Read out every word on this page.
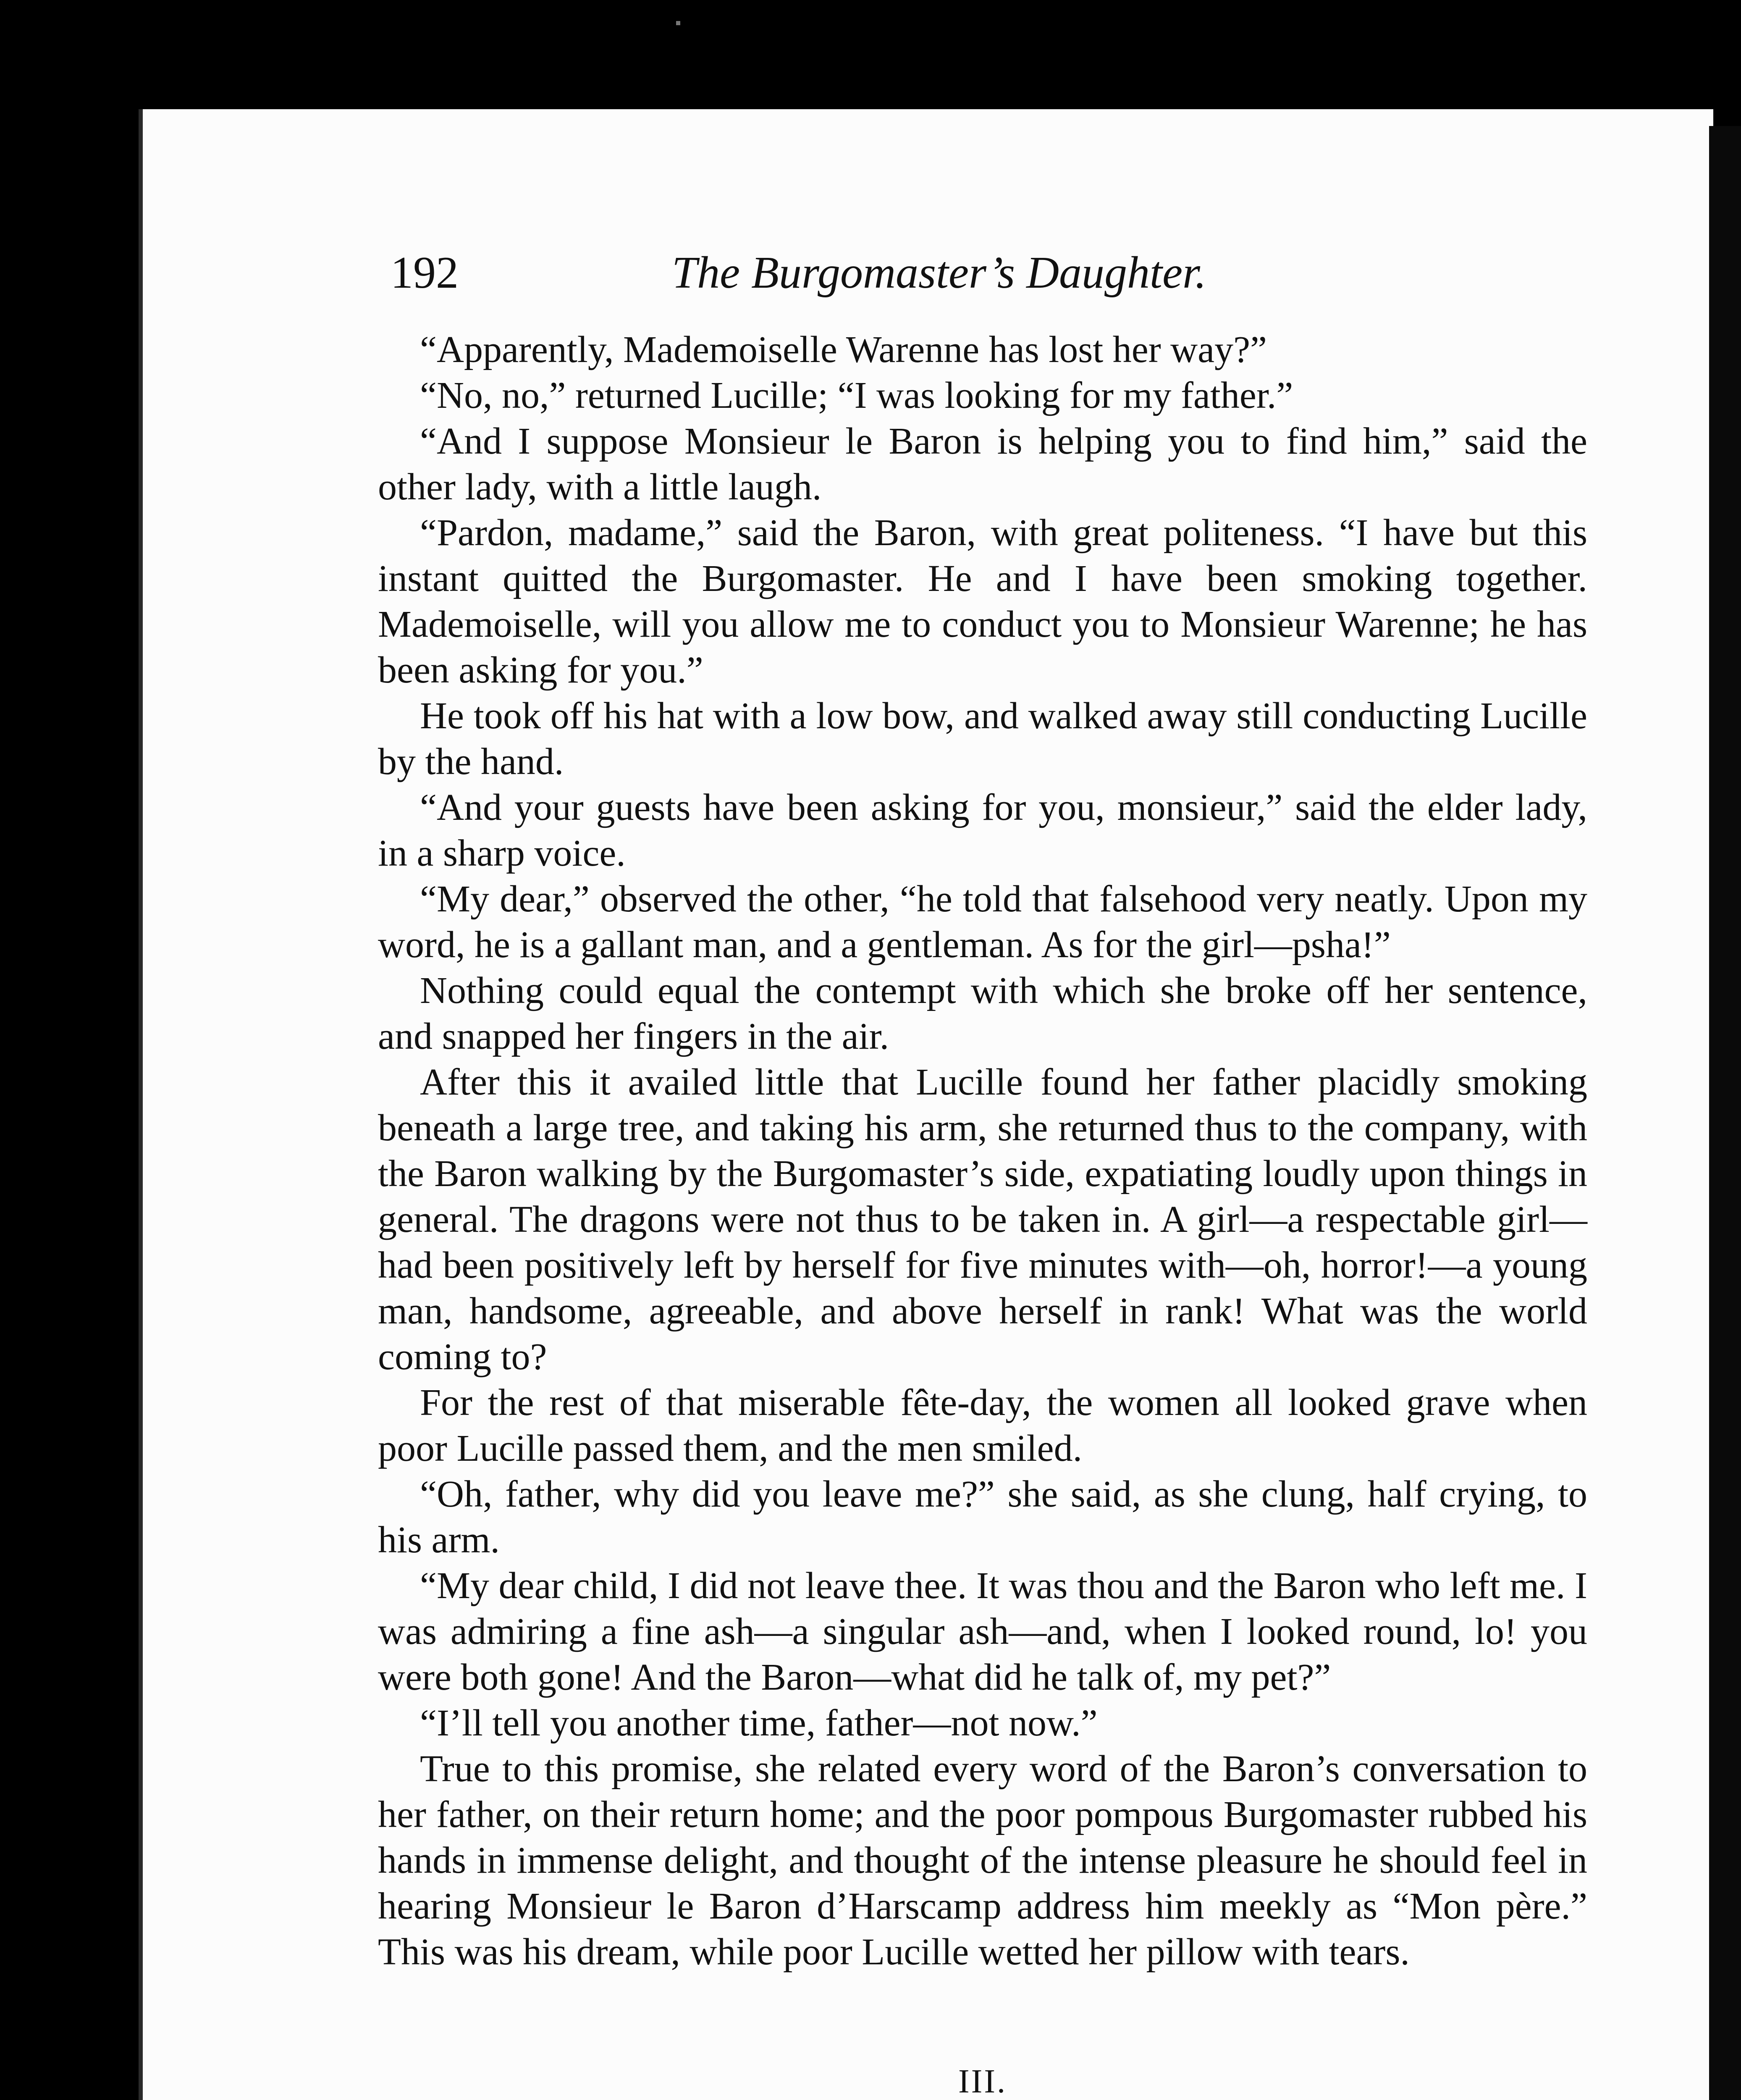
192	The Burgomaster’s Daughter.

“Apparently, Mademoiselle Warenne has lost her way?”

“No, no,” returned Lucille; “I was looking for my father.”

“And I suppose Monsieur le Baron is helping you to find him,” said the other lady, with a little laugh.

“Pardon, madame,” said the Baron, with great politeness. “I have but this instant quitted the Burgomaster. He and I have been smoking together. Mademoiselle, will you allow me to conduct you to Monsieur Warenne; he has been asking for you.”

He took off his hat with a low bow, and walked away still conducting Lucille by the hand.

“And your guests have been asking for you, monsieur,” said the elder lady, in a sharp voice.

“My dear,” observed the other, “he told that falsehood very neatly. Upon my word, he is a gallant man, and a gentleman. As for the girl—psha!”

Nothing could equal the contempt with which she broke off her sentence, and snapped her fingers in the air.

After this it availed little that Lucille found her father placidly smoking beneath a large tree, and taking his arm, she returned thus to the company, with the Baron walking by the Burgomaster’s side, expatiating loudly upon things in general. The dragons were not thus to be taken in. A girl—a respectable girl—had been positively left by herself for five minutes with—oh, horror!—a young man, handsome, agreeable, and above herself in rank! What was the world coming to?

For the rest of that miserable fête-day, the women all looked grave when poor Lucille passed them, and the men smiled.

“Oh, father, why did you leave me?” she said, as she clung, half crying, to his arm.

“My dear child, I did not leave thee. It was thou and the Baron who left me. I was admiring a fine ash—a singular ash—and, when I looked round, lo! you were both gone! And the Baron—what did he talk of, my pet?”

“I’ll tell you another time, father—not now.”

True to this promise, she related every word of the Baron’s conversation to her father, on their return home; and the poor pompous Burgomaster rubbed his hands in immense delight, and thought of the intense pleasure he should feel in hearing Monsieur le Baron d’Harscamp address him meekly as “Mon père.” This was his dream, while poor Lucille wetted her pillow with tears.

III.
